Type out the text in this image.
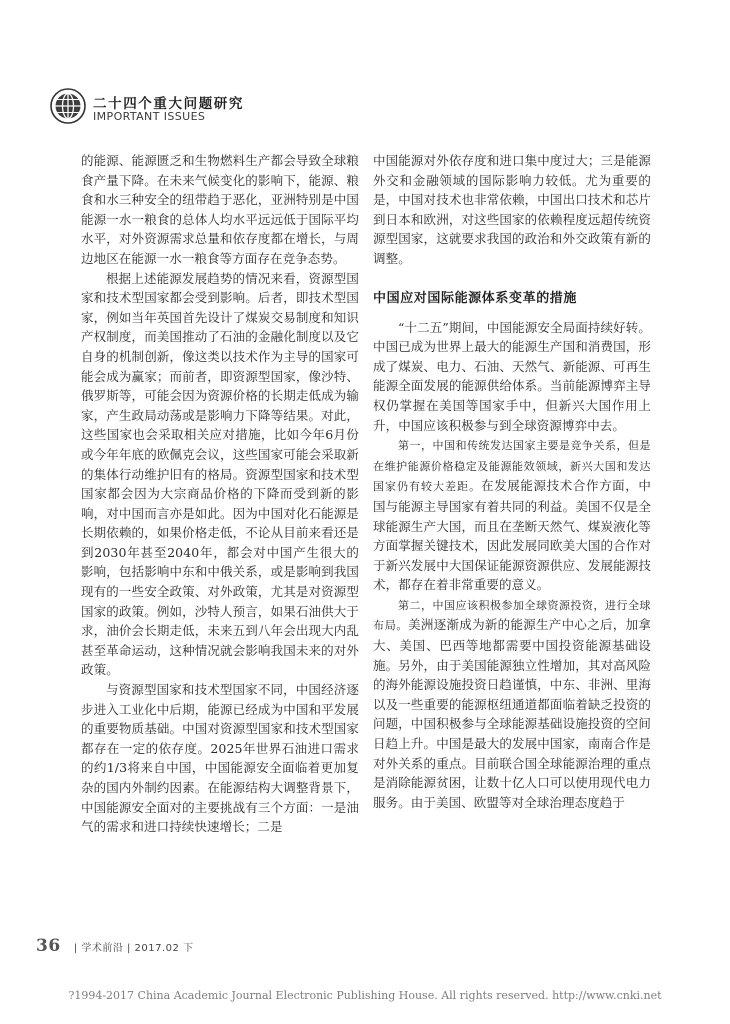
二十四个重大问题研究
IMPORTANT ISSUES

的能源、能源匮乏和生物燃料生产都会导致全球粮食产量下降。在未来气候变化的影响下，能源、粮食和水三种安全的纽带趋于恶化，亚洲特别是中国能源一水一粮食的总体人均水平远远低于国际平均水平，对外资源需求总量和依存度都在增长，与周边地区在能源一水一粮食等方面存在竞争态势。

根据上述能源发展趋势的情况来看，资源型国家和技术型国家都会受到影响。后者，即技术型国家，例如当年英国首先设计了煤炭交易制度和知识产权制度，而美国推动了石油的金融化制度以及它自身的机制创新，像这类以技术作为主导的国家可能会成为赢家；而前者，即资源型国家，像沙特、俄罗斯等，可能会因为资源价格的长期走低成为输家，产生政局动荡或是影响力下降等结果。对此，这些国家也会采取相关应对措施，比如今年6月份或今年年底的欧佩克会议，这些国家可能会采取新的集体行动维护旧有的格局。资源型国家和技术型国家都会因为大宗商品价格的下降而受到新的影响，对中国而言亦是如此。因为中国对化石能源是长期依赖的，如果价格走低，不论从目前来看还是到2030年甚至2040年，都会对中国产生很大的影响，包括影响中东和中俄关系，或是影响到我国现有的一些安全政策、对外政策，尤其是对资源型国家的政策。例如，沙特人预言，如果石油供大于求，油价会长期走低，未来五到八年会出现大内乱甚至革命运动，这种情况就会影响我国未来的对外政策。

与资源型国家和技术型国家不同，中国经济逐步进入工业化中后期，能源已经成为中国和平发展的重要物质基础。中国对资源型国家和技术型国家都存在一定的依存度。2025年世界石油进口需求的约1/3将来自中国，中国能源安全面临着更加复杂的国内外制约因素。在能源结构大调整背景下，中国能源安全面对的主要挑战有三个方面：一是油气的需求和进口持续快速增长；二是

中国能源对外依存度和进口集中度过大；三是能源外交和金融领域的国际影响力较低。尤为重要的是，中国对技术也非常依赖，中国出口技术和芯片到日本和欧洲，对这些国家的依赖程度远超传统资源型国家，这就要求我国的政治和外交政策有新的调整。

中国应对国际能源体系变革的措施

“十二五”期间，中国能源安全局面持续好转。中国已成为世界上最大的能源生产国和消费国，形成了煤炭、电力、石油、天然气、新能源、可再生能源全面发展的能源供给体系。当前能源博弈主导权仍掌握在美国等国家手中，但新兴大国作用上升，中国应该积极参与到全球资源博弈中去。

第一，中国和传统发达国家主要是竞争关系，但是在维护能源价格稳定及能源能效领域，新兴大国和发达国家仍有较大差距。在发展能源技术合作方面，中国与能源主导国家有着共同的利益。美国不仅是全球能源生产大国，而且在垄断天然气、煤炭液化等方面掌握关键技术，因此发展同欧美大国的合作对于新兴发展中大国保证能源资源供应、发展能源技术，都存在着非常重要的意义。

第二，中国应该积极参加全球资源投资，进行全球布局。美洲逐渐成为新的能源生产中心之后，加拿大、美国、巴西等地都需要中国投资能源基础设施。另外，由于美国能源独立性增加，其对高风险的海外能源设施投资日趋谨慎，中东、非洲、里海以及一些重要的能源枢纽通道都面临着缺乏投资的问题，中国积极参与全球能源基础设施投资的空间日趋上升。中国是最大的发展中国家，南南合作是对外关系的重点。目前联合国全球能源治理的重点是消除能源贫困，让数十亿人口可以使用现代电力服务。由于美国、欧盟等对全球治理态度趋于

36 | 学术前沿 | 2017.02 下
?1994-2017 China Academic Journal Electronic Publishing House. All rights reserved. http://www.cnki.net
